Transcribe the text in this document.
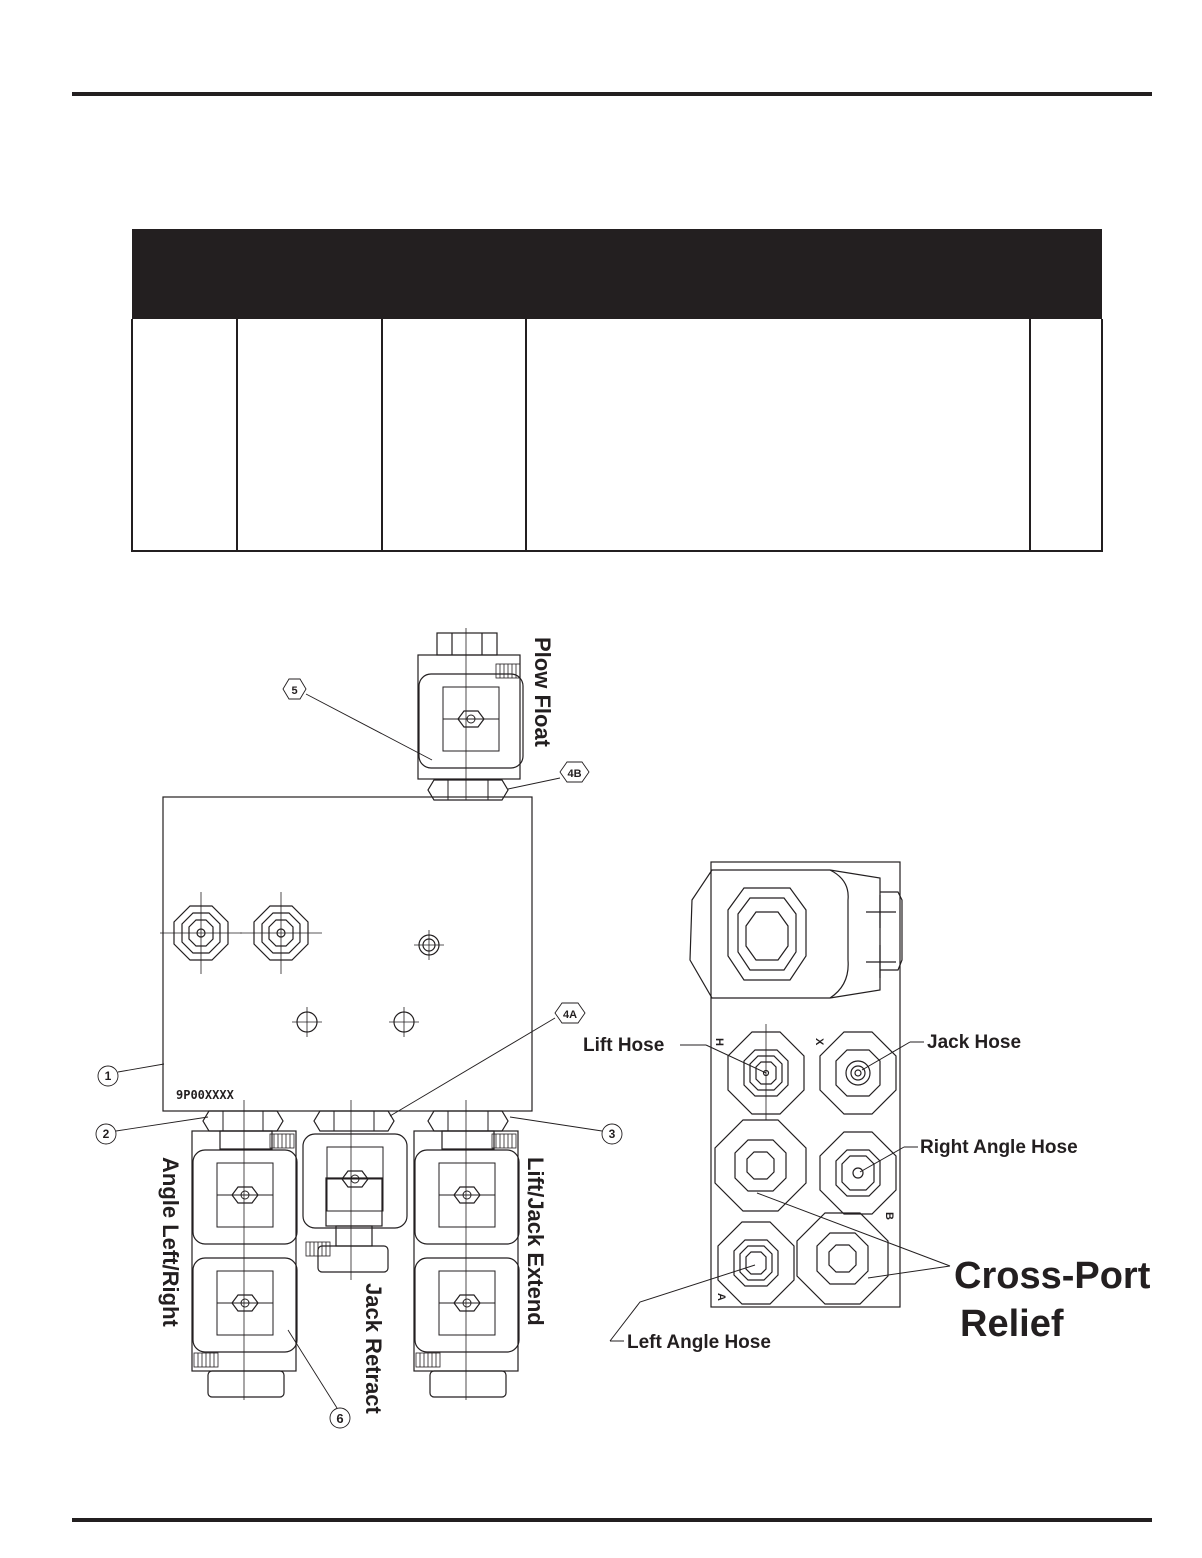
5
4B
4A
1
2	3
6
9P00XXXX
Plow Float
Angle Left/Right
Jack Retract
Lift/Jack Extend
H	X
B
A
Lift Hose	Jack Hose
Right Angle Hose
Left Angle Hose
Cross-Port
Relief
